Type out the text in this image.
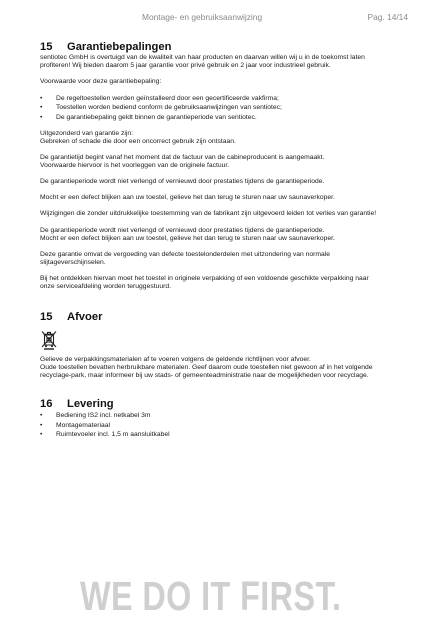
Montage- en gebruiksaanwijzing	Pag. 14/14
15 Garantiebepalingen

sentiotec GmbH is overtuigd van de kwaliteit van haar producten en daarvan willen wij u in de toekomst laten

profiteren! Wij bieden daarom 5 jaar garantie voor privé gebruik en 2 jaar voor industrieel gebruik.

Voorwaarde voor deze garantiebepaling:

• De regeltoestellen werden geïnstalleerd door een gecertificeerde vakfirma;
• Toestellen worden bediend conform de gebruiksaanwijzingen van sentiotec;
• De garantiebepaling geldt binnen de garantieperiode van sentiotec.

Uitgezonderd van garantie zijn:

Gebreken of schade die door een oncorrect gebruik zijn ontstaan.

De garantietijd begint vanaf het moment dat de factuur van de cabineproducent is aangemaakt.

Voorwaarde hiervoor is het voorleggen van de originele factuur.

De garantieperiode wordt niet verlengd of vernieuwd door prestaties tijdens de garantieperiode.

Mocht er een defect blijken aan uw toestel, gelieve het dan terug te sturen naar uw saunaverkoper.

Wijzigingen die zonder uitdrukkelijke toestemming van de fabrikant zijn uitgevoerd leiden tot verlies van garantie!

De garantieperiode wordt niet verlengd of vernieuwd door prestaties tijdens de garantieperiode.

Mocht er een defect blijken aan uw toestel, gelieve het dan terug te sturen naar uw saunaverkoper.

Deze garantie omvat de vergoeding van defecte toestelonderdelen met uitzondering van normale

slijtageverschijnselen.

Bij het ontdekken hiervan moet het toestel in originele verpakking of een voldoende geschikte verpakking naar

onze serviceafdeling worden teruggestuurd.

15 Afvoer

Gelieve de verpakkingsmaterialen af te voeren volgens de geldende richtlijnen voor afvoer.

Oude toestellen bevatten herbruikbare materialen. Geef daarom oude toestellen niet gewoon af in het volgende

recyclage-park, maar informeer bij uw stads- of gemeenteadministratie naar de mogelijkheden voor recyclage.

16 Levering
• Bediening IS2 incl. netkabel 3m
• Montagemateriaal
• Ruimtevoeler incl. 1,5 m aansluitkabel
WE DO IT FIRST.
